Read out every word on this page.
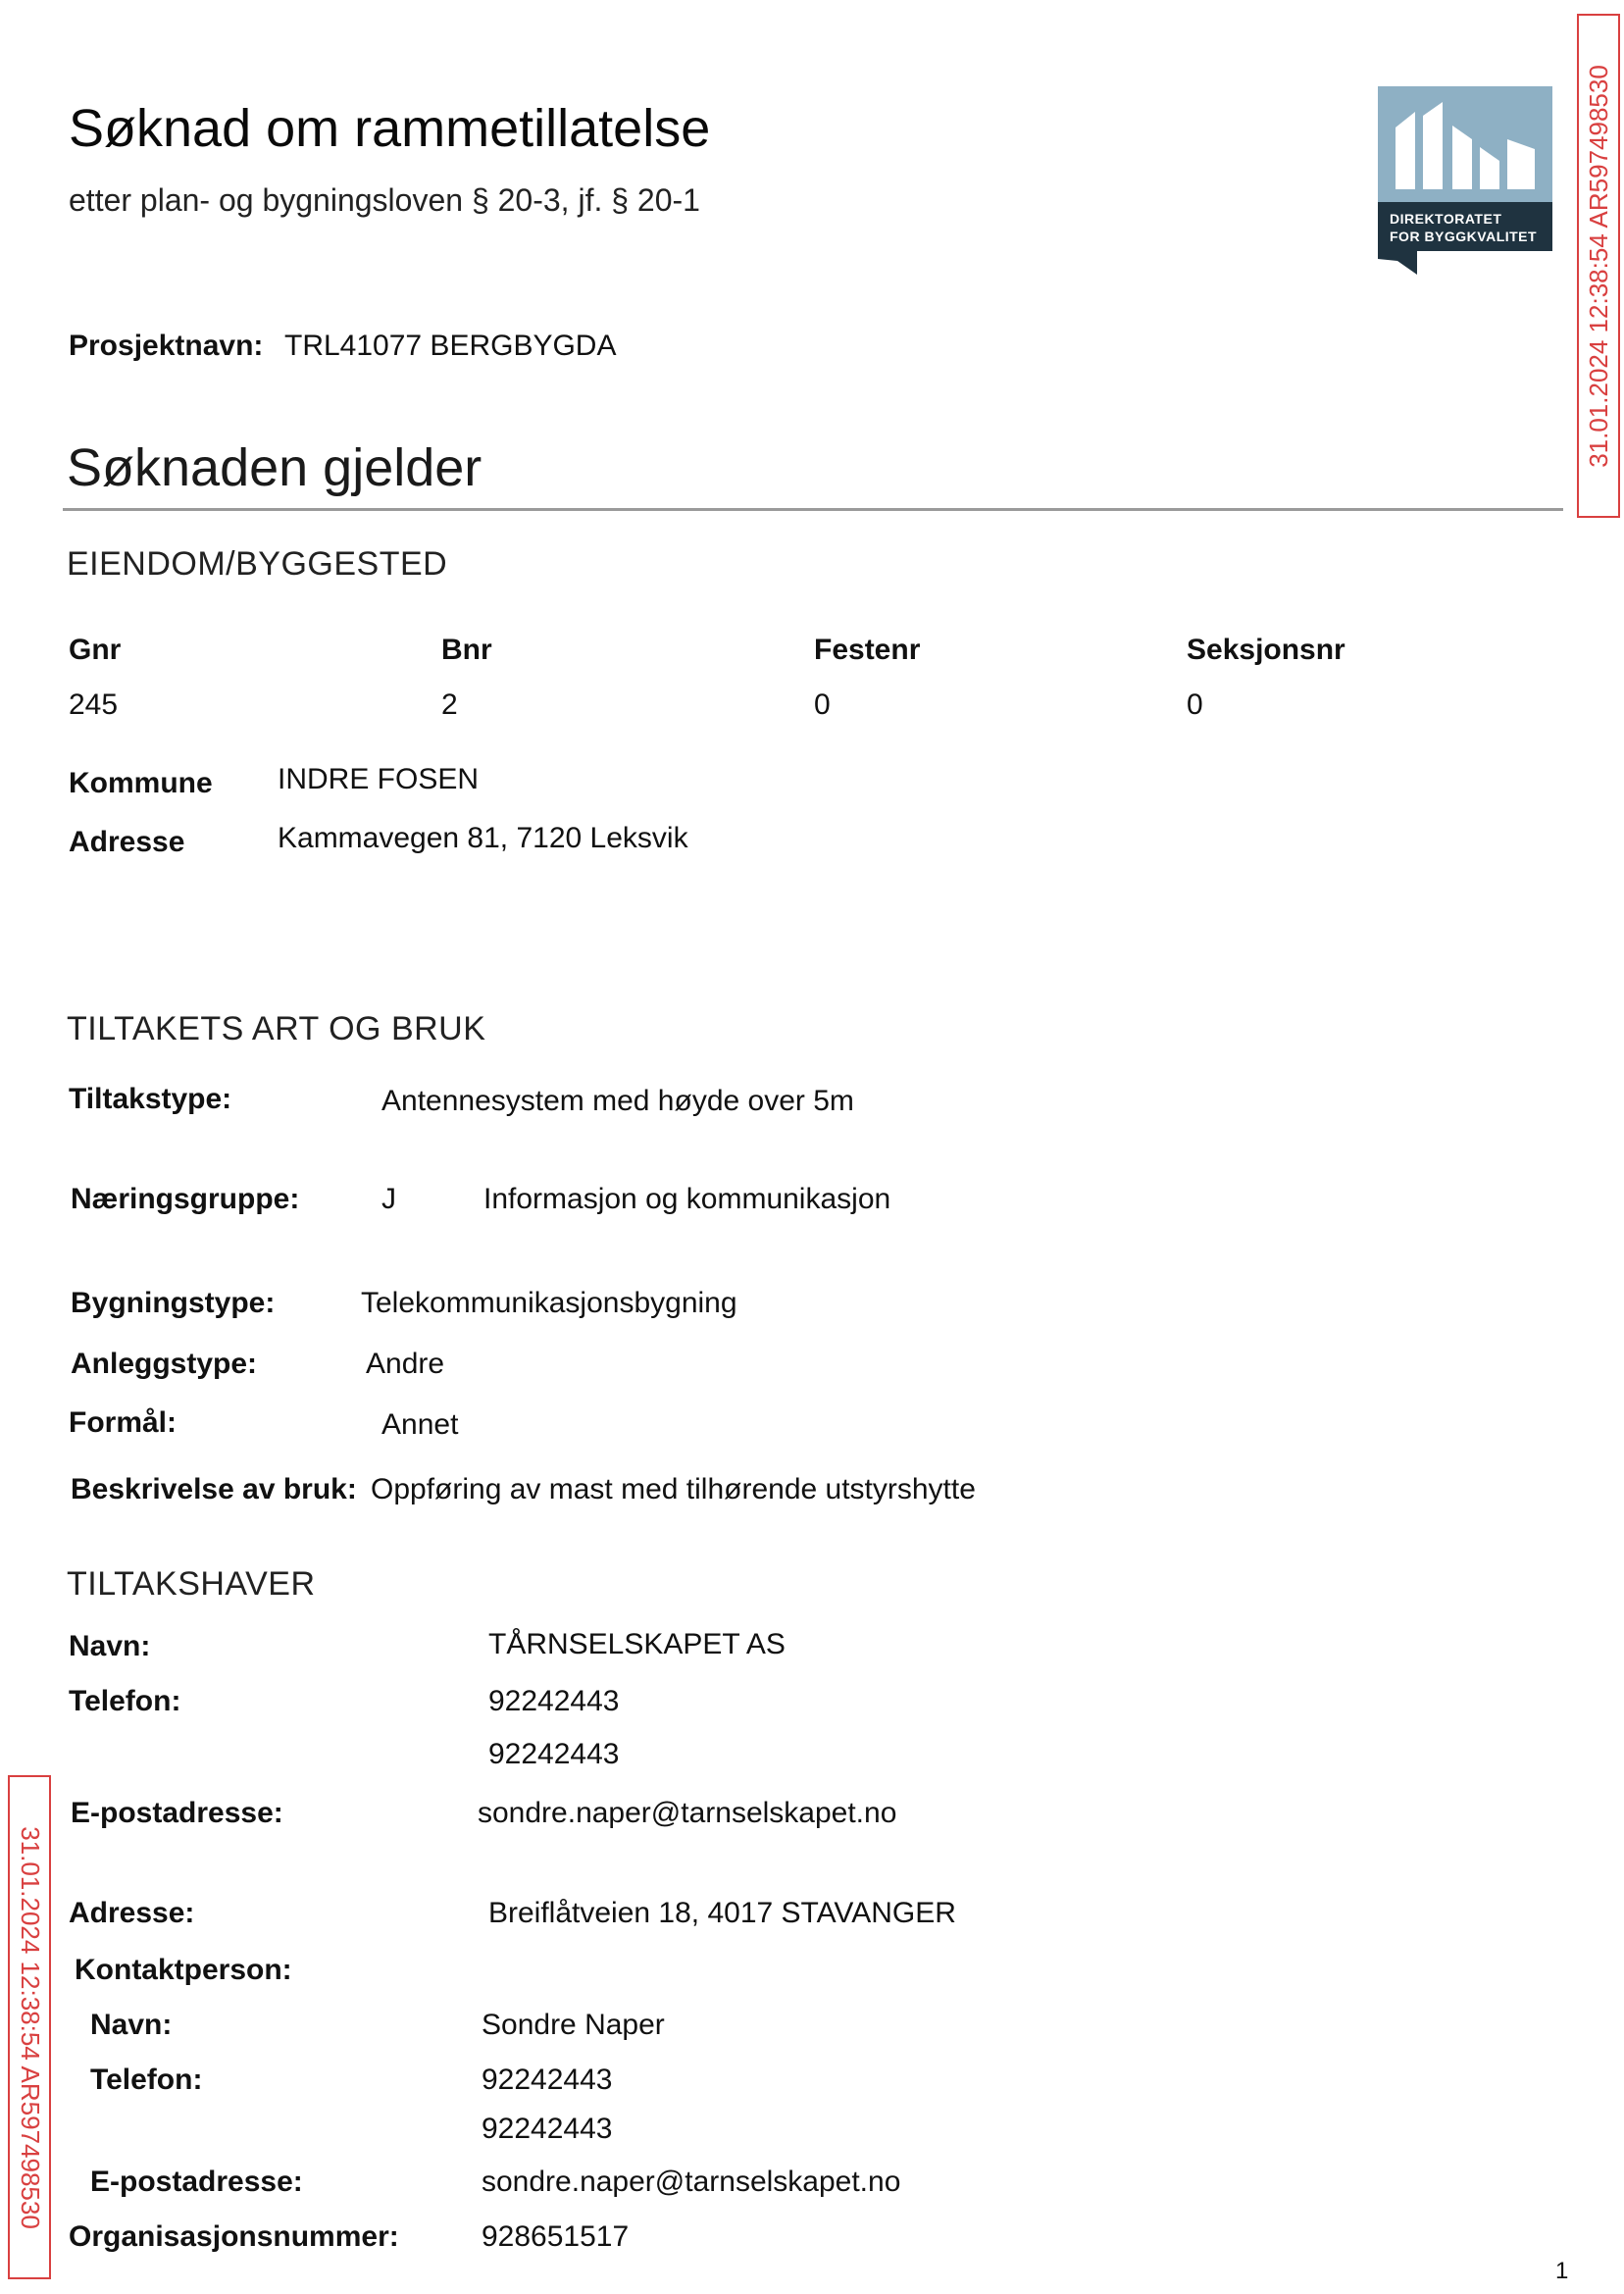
Søknad om rammetillatelse
etter plan- og bygningsloven § 20-3, jf. § 20-1
DIREKTORATET
FOR BYGGKVALITET 31.01.2024 12:38:54 AR597498530
31.01.2024 12:38:54 AR597498530
Prosjektnavn: TRL41077 BERGBYGDA
Søknaden gjelder
EIENDOM/BYGGESTED
Gnr	Bnr	Festenr	Seksjonsnr
245	2	0	0
Kommune INDRE FOSEN
Adresse	Kammavegen 81, 7120 Leksvik
TILTAKETS ART OG BRUK
Tiltakstype:	Antennesystem med høyde over 5m
Næringsgruppe:	J	Informasjon og kommunikasjon
Bygningstype:	Telekommunikasjonsbygning
Anleggstype:	Andre
Formål:	Annet
Beskrivelse av bruk: Oppføring av mast med tilhørende utstyrshytte
TILTAKSHAVER
Navn:	TÅRNSELSKAPET AS
Telefon:	92242443
92242443
E-postadresse:	sondre.naper@tarnselskapet.no
Adresse:	Breiflåtveien 18, 4017 STAVANGER
Kontaktperson:
Navn:	Sondre Naper
Telefon:	92242443
92242443
E-postadresse:	sondre.naper@tarnselskapet.no
Organisasjonsnummer:	928651517
1
